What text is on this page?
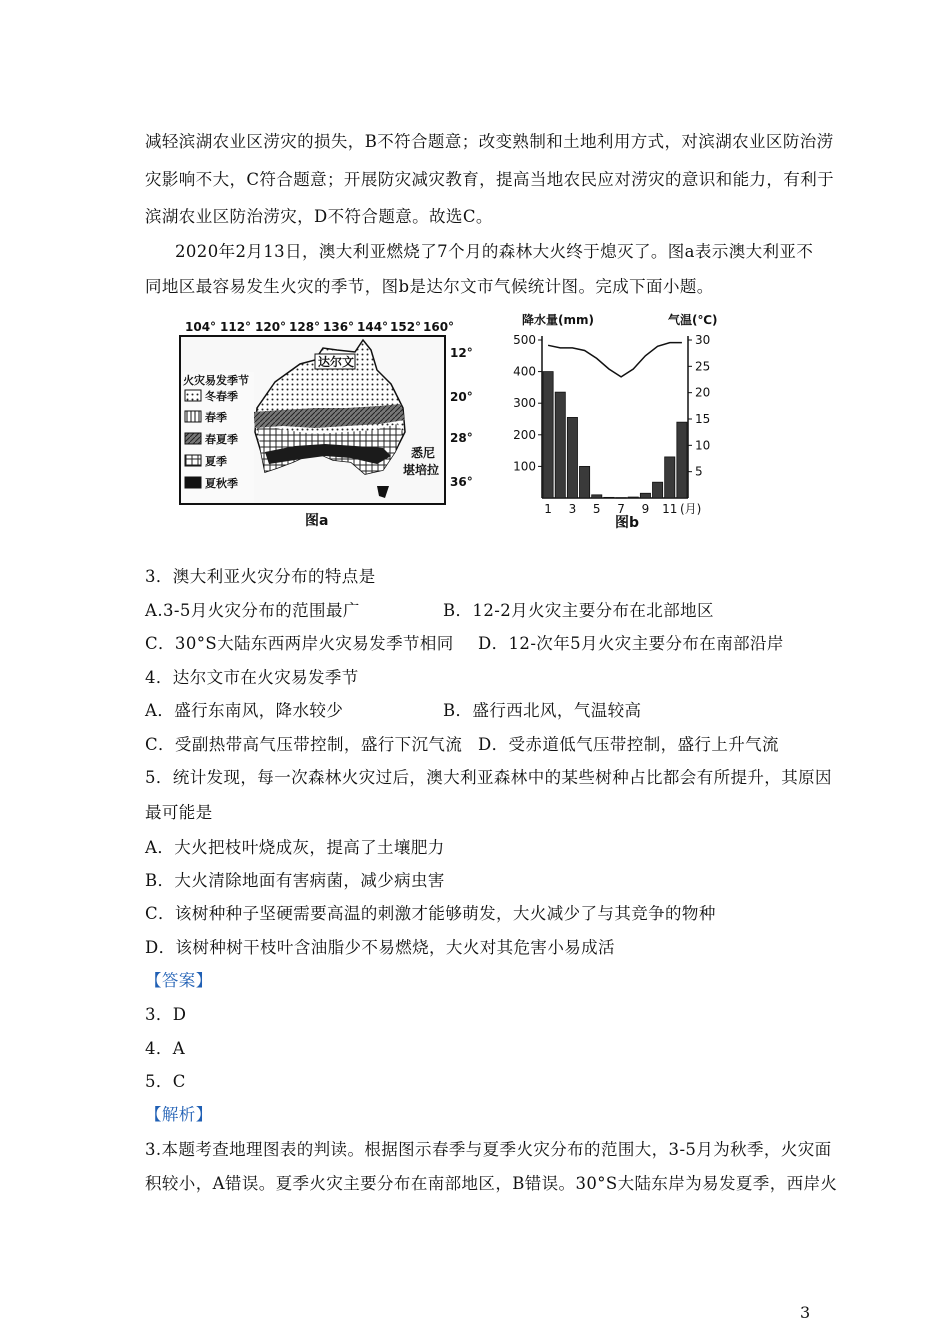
减轻滨湖农业区涝灾的损失，B不符合题意；改变熟制和土地利用方式，对滨湖农业区防治涝
灾影响不大，C符合题意；开展防灾减灾教育，提高当地农民应对涝灾的意识和能力，有利于
滨湖农业区防治涝灾，D不符合题意。故选C。
2020年2月13日，澳大利亚燃烧了7个月的森林大火终于熄灭了。图a表示澳大利亚不
同地区最容易发生火灾的季节，图b是达尔文市气候统计图。完成下面小题。
104° 112° 120° 128° 136° 144° 152° 160°
12°
20°
28°
36°
火灾易发季节
冬春季
春季
春夏季
夏季
夏秋季
达尔文
悉尼
堪培拉
图a
降水量(mm)	气温(℃)
500
400
300
200
100
30
25
20
15
10
5
1 3 5 7 9 11 (月)
图b
3．澳大利亚火灾分布的特点是
A.3-5月火灾分布的范围最广	B．12-2月火灾主要分布在北部地区
C．30°S大陆东西两岸火灾易发季节相同 D．12-次年5月火灾主要分布在南部沿岸
4．达尔文市在火灾易发季节
A．盛行东南风，降水较少	B．盛行西北风，气温较高
C．受副热带高气压带控制，盛行下沉气流 D．受赤道低气压带控制，盛行上升气流
5．统计发现，每一次森林火灾过后，澳大利亚森林中的某些树种占比都会有所提升，其原因
最可能是
A．大火把枝叶烧成灰，提高了土壤肥力
B．大火清除地面有害病菌，减少病虫害
C．该树种种子坚硬需要高温的刺激才能够萌发，大火减少了与其竞争的物种
D．该树种树干枝叶含油脂少不易燃烧，大火对其危害小易成活
【答案】
3．D
4．A
5．C
【解析】
3.本题考查地理图表的判读。根据图示春季与夏季火灾分布的范围大，3-5月为秋季，火灾面
积较小，A错误。夏季火灾主要分布在南部地区，B错误。30°S大陆东岸为易发夏季，西岸火
3
